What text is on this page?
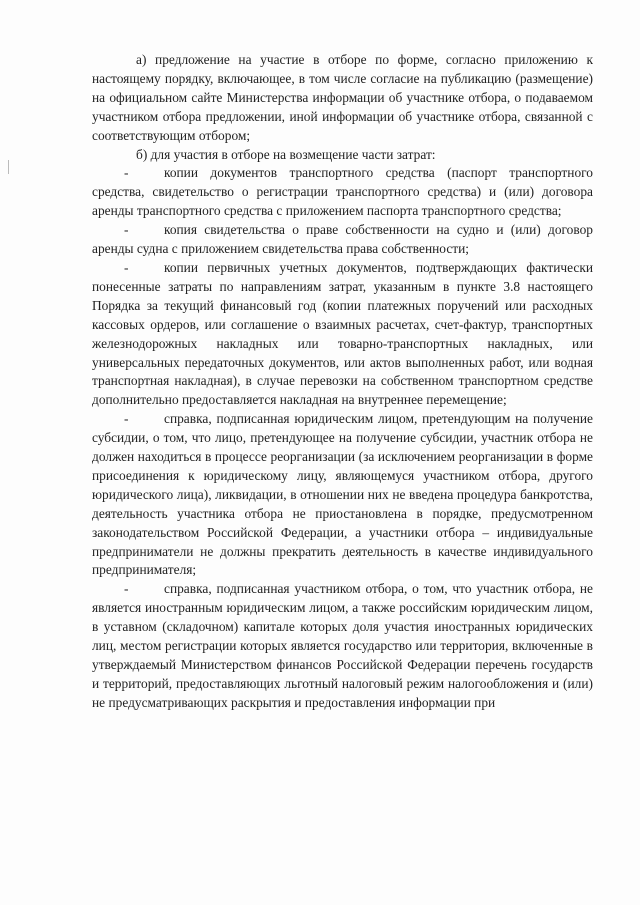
а) предложение на участие в отборе по форме, согласно приложению к настоящему порядку, включающее, в том числе согласие на публикацию (размещение) на официальном сайте Министерства информации об участнике отбора, о подаваемом участником отбора предложении, иной информации об участнике отбора, связанной с соответствующим отбором;

б) для участия в отборе на возмещение части затрат:

-	копии документов транспортного средства (паспорт транспортного средства, свидетельство о регистрации транспортного средства) и (или) договора аренды транспортного средства с приложением паспорта транспортного средства;

-	копия свидетельства о праве собственности на судно и (или) договор аренды судна с приложением свидетельства права собственности;

-	копии первичных учетных документов, подтверждающих фактически понесенные затраты по направлениям затрат, указанным в пункте 3.8 настоящего Порядка за текущий финансовый год (копии платежных поручений или расходных кассовых ордеров, или соглашение о взаимных расчетах, счет-фактур, транспортных железнодорожных накладных или товарно-транспортных накладных, или универсальных передаточных документов, или актов выполненных работ, или водная транспортная накладная), в случае перевозки на собственном транспортном средстве дополнительно предоставляется накладная на внутреннее перемещение;

-	справка, подписанная юридическим лицом, претендующим на получение субсидии, о том, что лицо, претендующее на получение субсидии, участник отбора не должен находиться в процессе реорганизации (за исключением реорганизации в форме присоединения к юридическому лицу, являющемуся участником отбора, другого юридического лица), ликвидации, в отношении них не введена процедура банкротства, деятельность участника отбора не приостановлена в порядке, предусмотренном законодательством Российской Федерации, а участники отбора – индивидуальные предприниматели не должны прекратить деятельность в качестве индивидуального предпринимателя;

-	справка, подписанная участником отбора, о том, что участник отбора, не является иностранным юридическим лицом, а также российским юридическим лицом, в уставном (складочном) капитале которых доля участия иностранных юридических лиц, местом регистрации которых является государство или территория, включенные в утверждаемый Министерством финансов Российской Федерации перечень государств и территорий, предоставляющих льготный налоговый режим налогообложения и (или) не предусматривающих раскрытия и предоставления информации при
